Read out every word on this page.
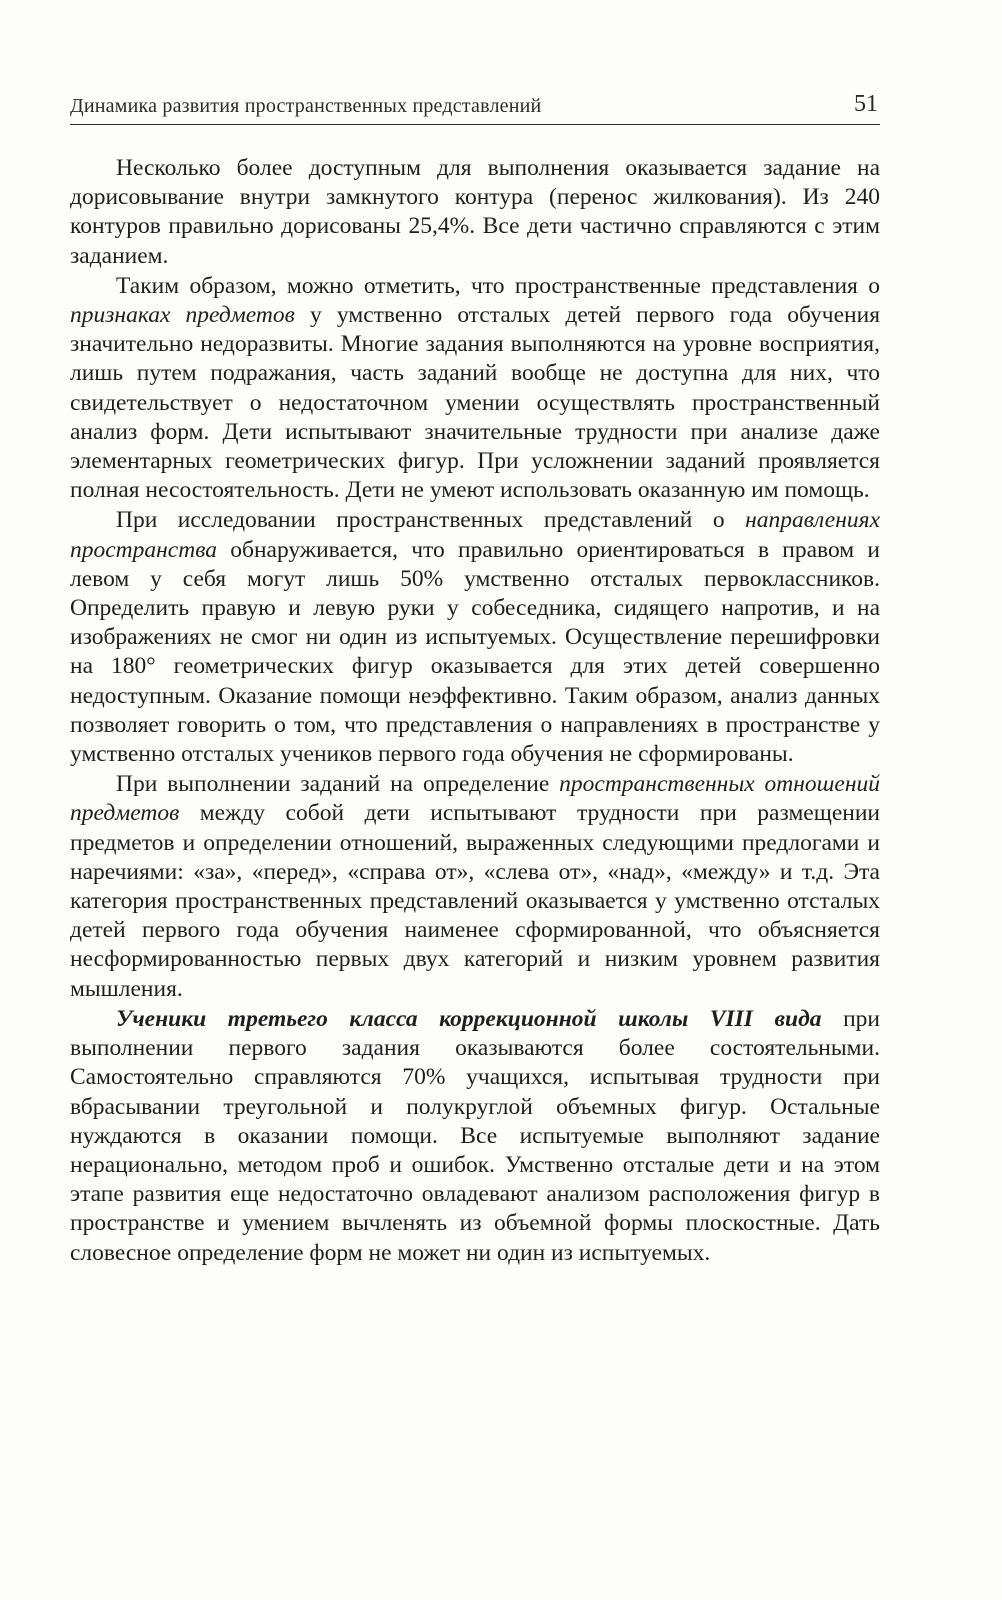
Динамика развития пространственных представлений	51

Несколько более доступным для выполнения оказывается задание на дорисовывание внутри замкнутого контура (перенос жилкования). Из 240 контуров правильно дорисованы 25,4%. Все дети частично справляются с этим заданием.

Таким образом, можно отметить, что пространственные представления о признаках предметов у умственно отсталых детей первого года обучения значительно недоразвиты. Многие задания выполняются на уровне восприятия, лишь путем подражания, часть заданий вообще не доступна для них, что свидетельствует о недостаточном умении осуществлять пространственный анализ форм. Дети испытывают значительные трудности при анализе даже элементарных геометрических фигур. При усложнении заданий проявляется полная несостоятельность. Дети не умеют использовать оказанную им помощь.

При исследовании пространственных представлений о направлениях пространства обнаруживается, что правильно ориентироваться в правом и левом у себя могут лишь 50% умственно отсталых первоклассников. Определить правую и левую руки у собеседника, сидящего напротив, и на изображениях не смог ни один из испытуемых. Осуществление перешифровки на 180° геометрических фигур оказывается для этих детей совершенно недоступным. Оказание помощи неэффективно. Таким образом, анализ данных позволяет говорить о том, что представления о направлениях в пространстве у умственно отсталых учеников первого года обучения не сформированы.

При выполнении заданий на определение пространственных отношений предметов между собой дети испытывают трудности при размещении предметов и определении отношений, выраженных следующими предлогами и наречиями: «за», «перед», «справа от», «слева от», «над», «между» и т.д. Эта категория пространственных представлений оказывается у умственно отсталых детей первого года обучения наименее сформированной, что объясняется несформированностью первых двух категорий и низким уровнем развития мышления.

Ученики третьего класса коррекционной школы VIII вида при выполнении первого задания оказываются более состоятельными. Самостоятельно справляются 70% учащихся, испытывая трудности при вбрасывании треугольной и полукруглой объемных фигур. Остальные нуждаются в оказании помощи. Все испытуемые выполняют задание нерационально, методом проб и ошибок. Умственно отсталые дети и на этом этапе развития еще недостаточно овладевают анализом расположения фигур в пространстве и умением вычленять из объемной формы плоскостные. Дать словесное определение форм не может ни один из испытуемых.
